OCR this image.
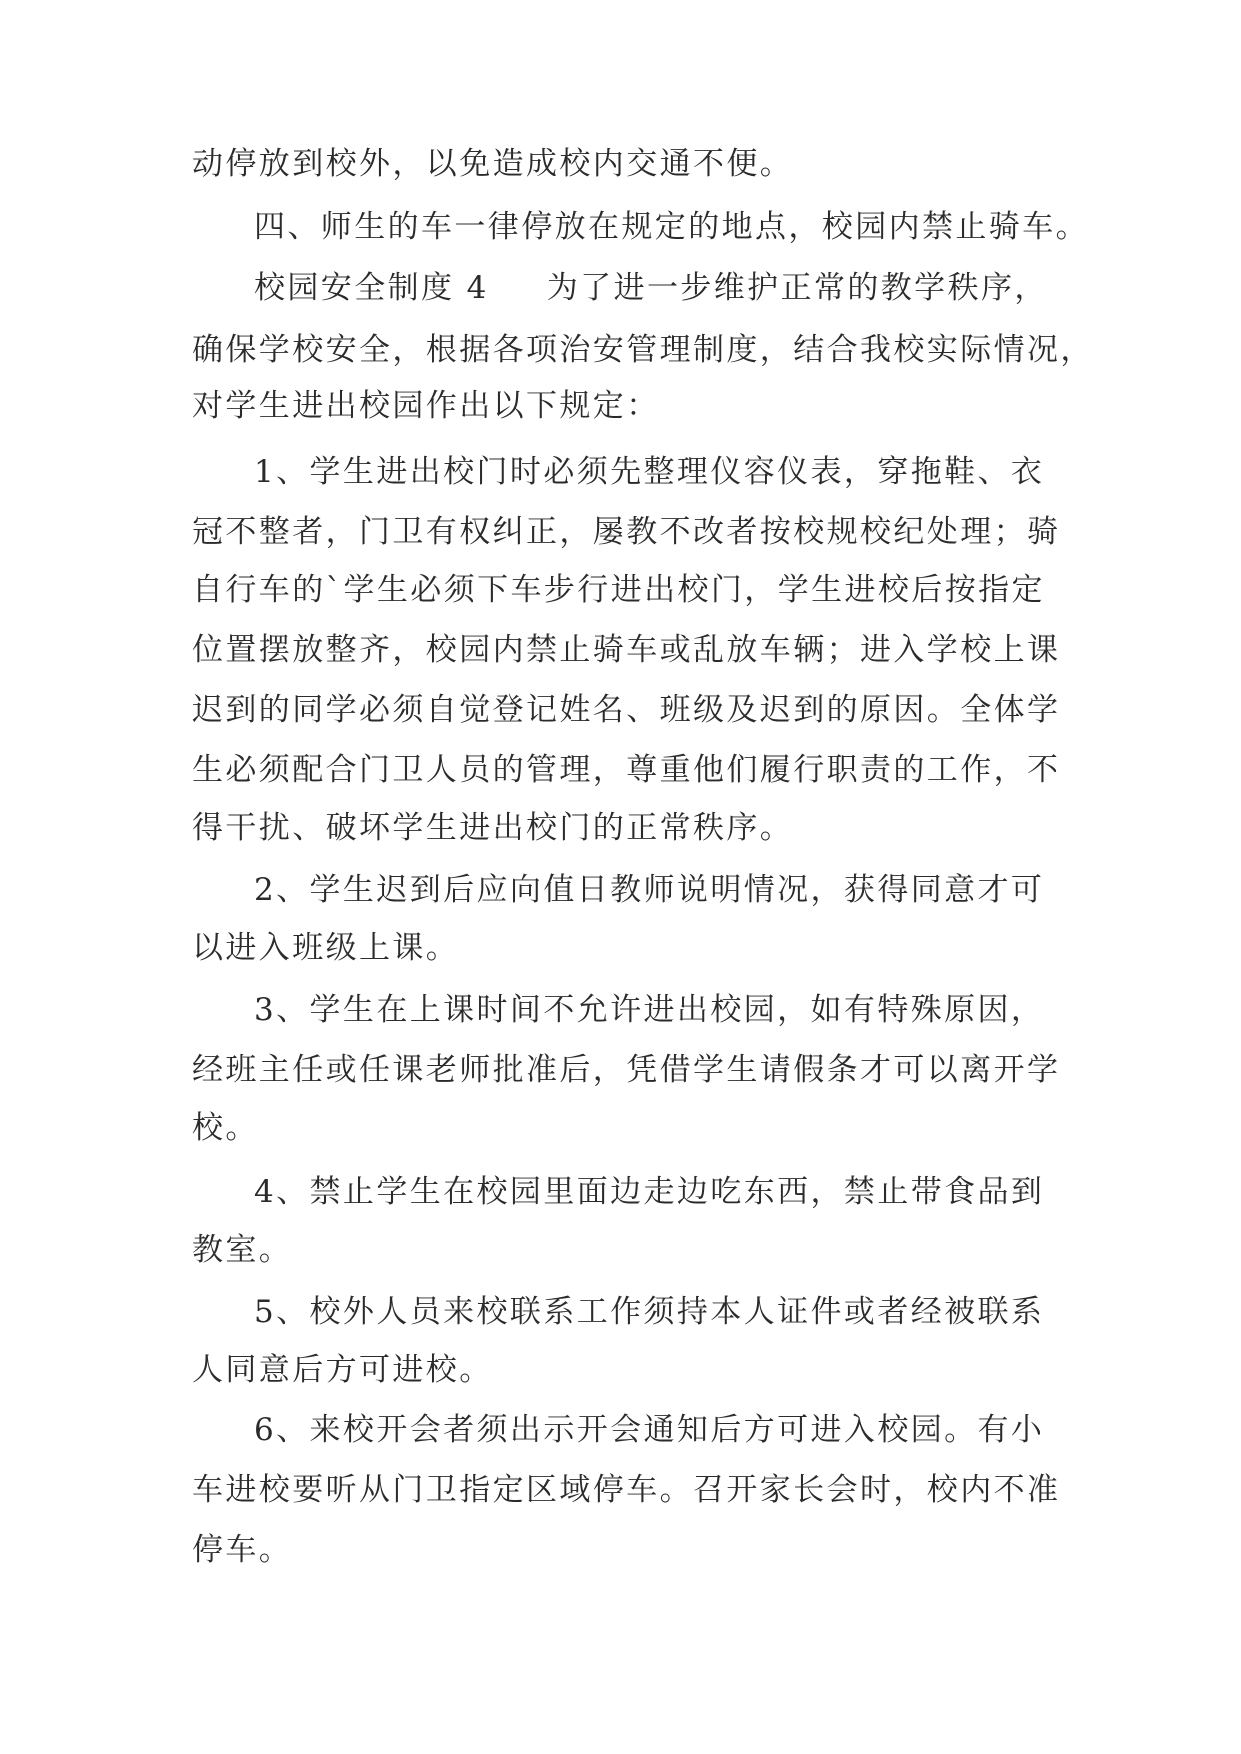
动停放到校外，以免造成校内交通不便。
四、师生的车一律停放在规定的地点，校园内禁止骑车。
校园安全制度 4 为了进一步维护正常的教学秩序，
确保学校安全，根据各项治安管理制度，结合我校实际情况，
对学生进出校园作出以下规定：
1、学生进出校门时必须先整理仪容仪表，穿拖鞋、衣
冠不整者，门卫有权纠正，屡教不改者按校规校纪处理；骑
自行车的`学生必须下车步行进出校门，学生进校后按指定
位置摆放整齐，校园内禁止骑车或乱放车辆；进入学校上课
迟到的同学必须自觉登记姓名、班级及迟到的原因。全体学
生必须配合门卫人员的管理，尊重他们履行职责的工作，不
得干扰、破坏学生进出校门的正常秩序。
2、学生迟到后应向值日教师说明情况，获得同意才可
以进入班级上课。
3、学生在上课时间不允许进出校园，如有特殊原因，
经班主任或任课老师批准后，凭借学生请假条才可以离开学
校。
4、禁止学生在校园里面边走边吃东西，禁止带食品到
教室。
5、校外人员来校联系工作须持本人证件或者经被联系
人同意后方可进校。
6、来校开会者须出示开会通知后方可进入校园。有小
车进校要听从门卫指定区域停车。召开家长会时，校内不准
停车。
